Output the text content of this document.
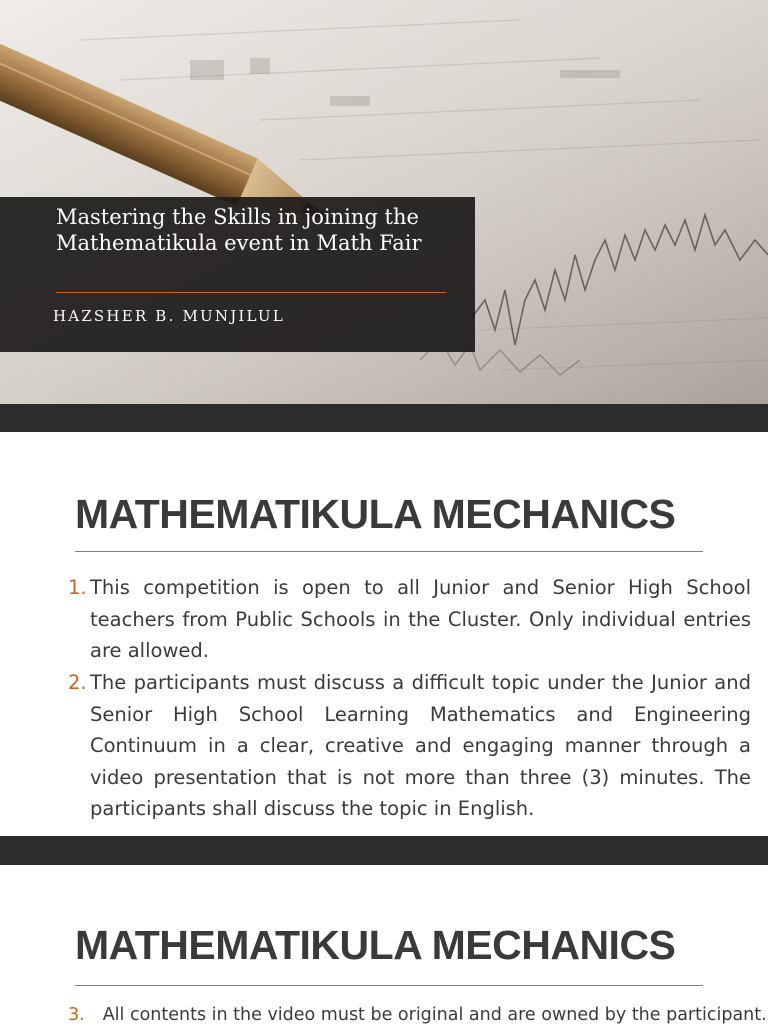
Mastering the Skills in joining the Mathematikula event in Math Fair
HAZSHER B. MUNJILUL
MATHEMATIKULA MECHANICS
1. This competition is open to all Junior and Senior High School teachers from Public Schools in the Cluster. Only individual entries are allowed.
2. The participants must discuss a difficult topic under the Junior and Senior High School Learning Mathematics and Engineering Continuum in a clear, creative and engaging manner through a video presentation that is not more than three (3) minutes. The participants shall discuss the topic in English.
MATHEMATIKULA MECHANICS
3. All contents in the video must be original and are owned by the participant.
